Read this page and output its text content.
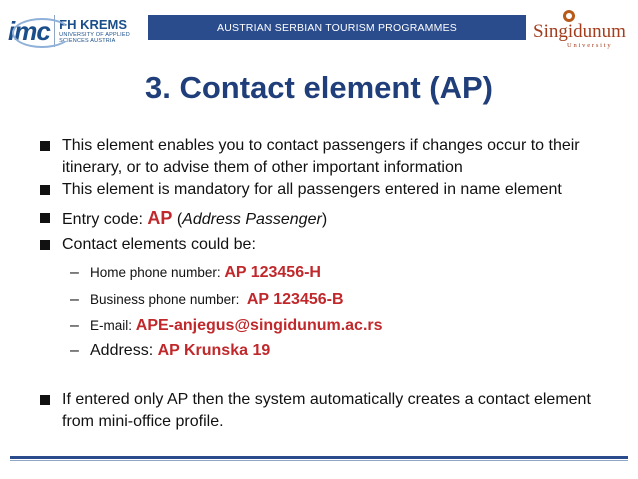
imc FH KREMS
UNIVERSITY OF APPLIED SCIENCES AUSTRIA
AUSTRIAN SERBIAN TOURISM PROGRAMMES	Singidunum
University
3. Contact element (AP)
This element enables you to contact passengers if changes occur to their itinerary, or to advise them of other important information
This element is mandatory for all passengers entered in name element
Entry code: AP (Address Passenger)
Contact elements could be:
– Home phone number: AP 123456-H
– Business phone number:  AP 123456-B
– E-mail: APE-anjegus@singidunum.ac.rs
– Address: AP Krunska 19
If entered only AP then the system automatically creates a contact element from mini-office profile.
